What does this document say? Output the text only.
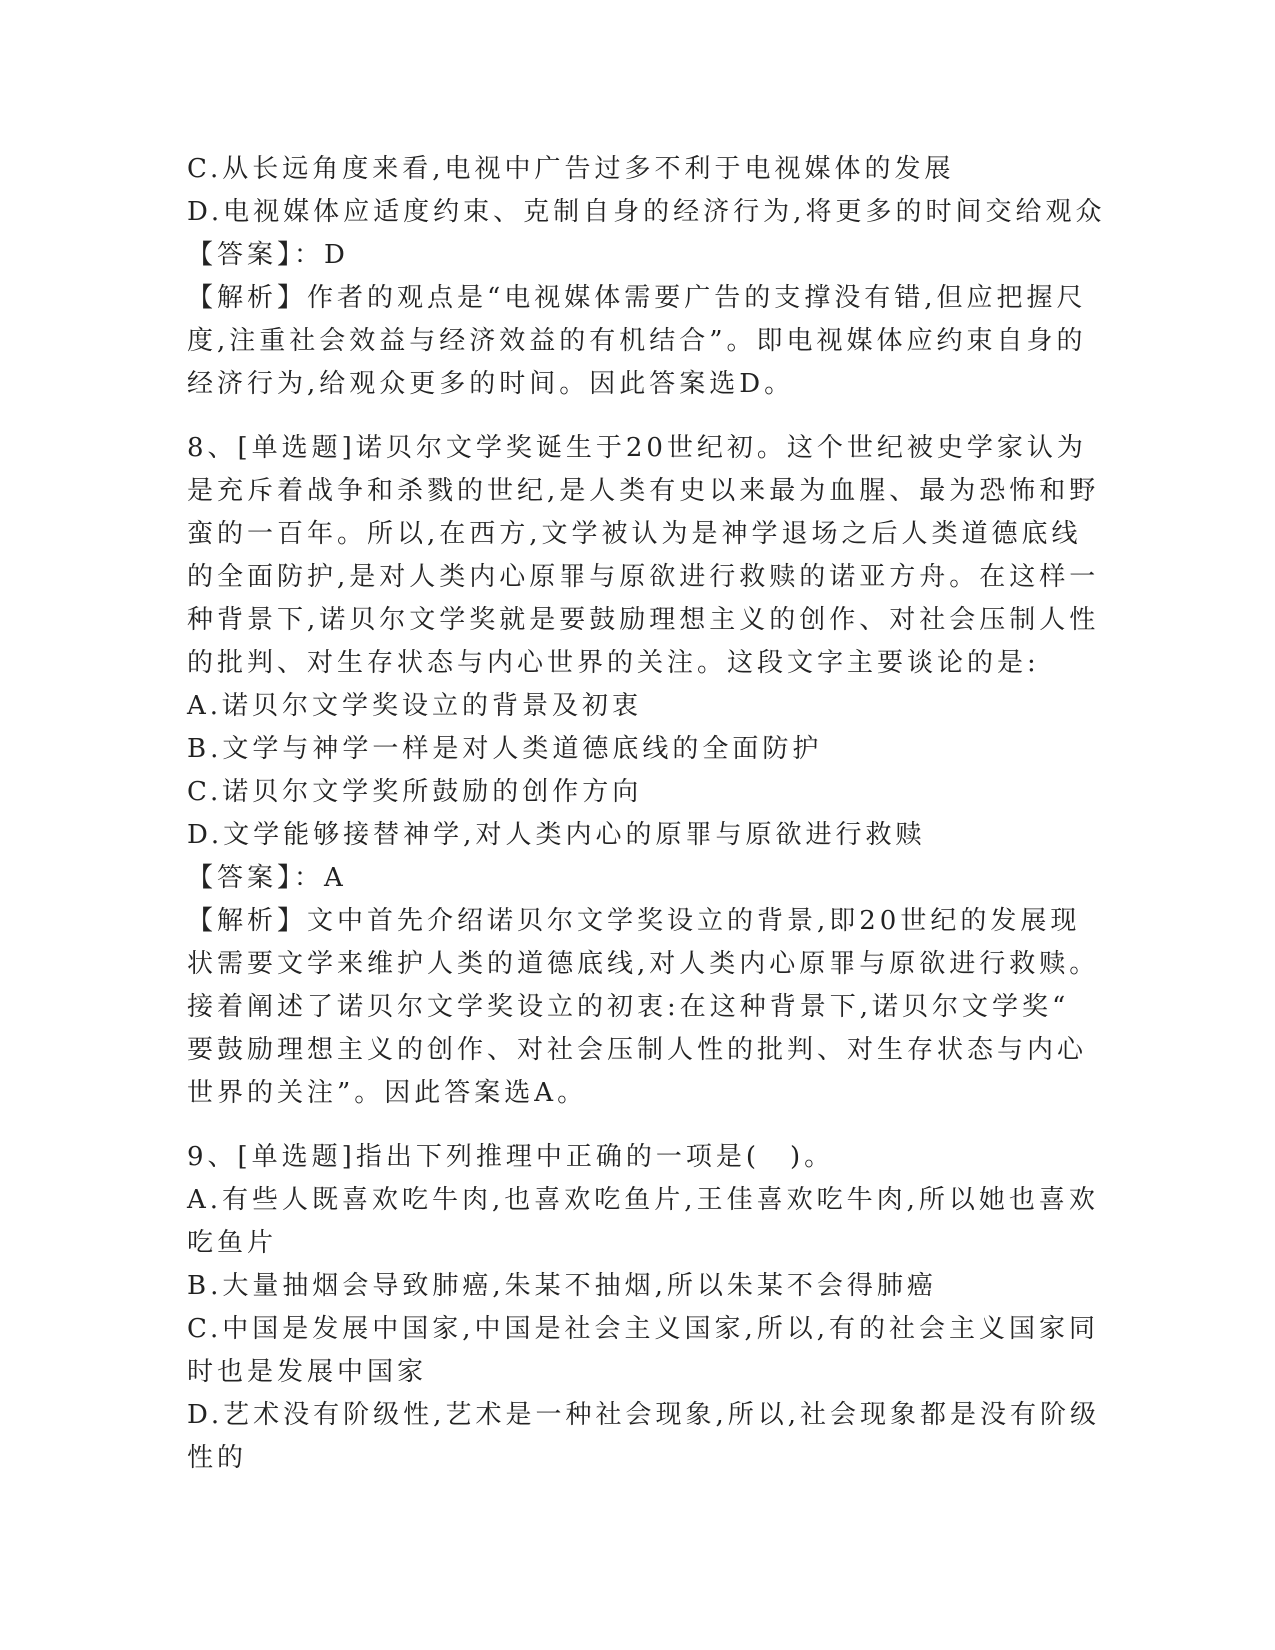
C.从长远角度来看,电视中广告过多不利于电视媒体的发展
D.电视媒体应适度约束、克制自身的经济行为,将更多的时间交给观众
【答案】：D
【解析】作者的观点是“电视媒体需要广告的支撑没有错,但应把握尺
度,注重社会效益与经济效益的有机结合”。即电视媒体应约束自身的
经济行为,给观众更多的时间。因此答案选D。
8、[单选题]诺贝尔文学奖诞生于20世纪初。这个世纪被史学家认为
是充斥着战争和杀戮的世纪,是人类有史以来最为血腥、最为恐怖和野
蛮的一百年。所以,在西方,文学被认为是神学退场之后人类道德底线
的全面防护,是对人类内心原罪与原欲进行救赎的诺亚方舟。在这样一
种背景下,诺贝尔文学奖就是要鼓励理想主义的创作、对社会压制人性
的批判、对生存状态与内心世界的关注。这段文字主要谈论的是:
A.诺贝尔文学奖设立的背景及初衷
B.文学与神学一样是对人类道德底线的全面防护
C.诺贝尔文学奖所鼓励的创作方向
D.文学能够接替神学,对人类内心的原罪与原欲进行救赎
【答案】：A
【解析】文中首先介绍诺贝尔文学奖设立的背景,即20世纪的发展现
状需要文学来维护人类的道德底线,对人类内心原罪与原欲进行救赎。
接着阐述了诺贝尔文学奖设立的初衷:在这种背景下,诺贝尔文学奖“
要鼓励理想主义的创作、对社会压制人性的批判、对生存状态与内心
世界的关注”。因此答案选A。
9、[单选题]指出下列推理中正确的一项是(　)。
A.有些人既喜欢吃牛肉,也喜欢吃鱼片,王佳喜欢吃牛肉,所以她也喜欢
吃鱼片
B.大量抽烟会导致肺癌,朱某不抽烟,所以朱某不会得肺癌
C.中国是发展中国家,中国是社会主义国家,所以,有的社会主义国家同
时也是发展中国家
D.艺术没有阶级性,艺术是一种社会现象,所以,社会现象都是没有阶级
性的
